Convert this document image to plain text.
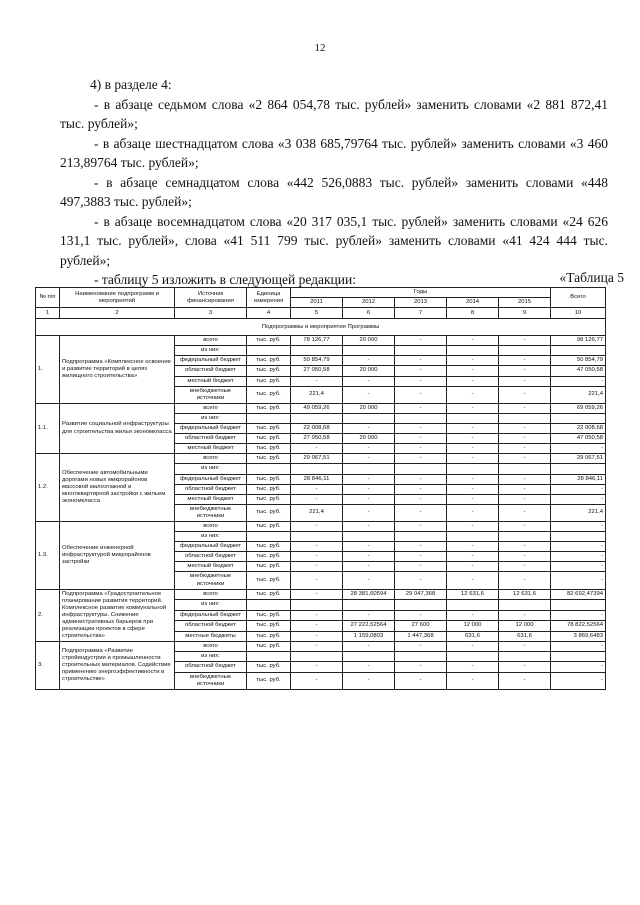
12

4) в разделе 4:

- в абзаце седьмом слова «2 864 054,78 тыс. рублей» заменить словами «2 881 872,41 тыс. рублей»;

- в абзаце шестнадцатом слова «3 038 685,79764 тыс. рублей» заменить словами «3 460 213,89764 тыс. рублей»;

- в абзаце семнадцатом слова «442 526,0883 тыс. рублей» заменить словами «448 497,3883 тыс. рублей»;

- в абзаце восемнадцатом слова «20 317 035,1 тыс. рублей» заменить словами «24 626 131,1 тыс. рублей», слова «41 511 799 тыс. рублей» заменить словами «41 424 444 тыс. рублей»;

- таблицу 5 изложить в следующей редакции:	«Таблица 5
№ п/п	Наименование подпрограмм и мероприятий	Источник финансирования	Единица измерения	Годы					Всего
				2011	2012	2013	2014	2015	
1	2	3	4	5	6	7	8	9	10
Подпрограммы и мероприятия Программы									
1.	Подпрограмма «Комплексное освоение и развитие территорий в целях жилищного строительства»	всего	тыс. руб.	78 126,77	20 000	-	-	-	98 126,77
		из них:							
		федеральный бюджет	тыс. руб.	50 854,79	-	-	-	-	50 854,79
		областной бюджет	тыс. руб.	27 050,58	20 000	-	-	-	47 050,58
		местный бюджет	тыс. руб.	-	-	-	-	-	-
		внебюджетные источники	тыс. руб.	221,4	-	-	-	-	221,4
1.1.	Развитие социальной инфраструктуры для строительства жилья экономкласса	всего	тыс. руб.	49 059,26	20 000	-	-	-	69 059,26
		из них:							
		федеральный бюджет	тыс. руб.	22 008,68	-	-	-	-	22 008,68
		областной бюджет	тыс. руб.	27 050,58	20 000	-	-	-	47 050,58
		местный бюджет	тыс. руб.	-	-	-	-	-	-
1.2.	Обеспечение автомобильными дорогами новых микрорайонов массовой малоэтажной и многоквартирной застройки с жильем экономкласса	всего	тыс. руб.	29 067,51	-	-	-	-	29 067,51
		из них:							
		федеральный бюджет	тыс. руб.	28 846,11	-	-	-	-	28 846,11
		областной бюджет	тыс. руб.	-	-	-	-	-	-
		местный бюджет	тыс. руб.	-	-	-	-	-	-
		внебюджетные источники	тыс. руб.	221,4	-	-	-	-	221,4
1.3.	Обеспечение инженерной инфраструктурой микрорайонов застройки	всего	тыс. руб.	-	-	-	-	-	-
		из них:							
		федеральный бюджет	тыс. руб.	-	-	-	-	-	-
		областной бюджет	тыс. руб.	-	-	-	-	-	-
		местный бюджет	тыс. руб.	-	-	-	-	-	-
		внебюджетные источники	тыс. руб.	-	-	-	-	-	-
2.	Подпрограмма «Градостроительное планирование развития территорий. Комплексное развитие коммунальной инфраструктуры. Снижение административных барьеров при реализации проектов в сфере строительства»	всего	тыс. руб.	-	28 381,60594	29 047,368	12 631,6	12 631,6	82 692,47394
		из них:							
		федеральный бюджет	тыс. руб.	-	-	-	-	-	-
		областной бюджет	тыс. руб.	-	27 222,52564	27 600	12 000	12 000	78 822,52564
		местные бюджеты	тыс. руб.	-	1 159,0803	1 447,368	631,6	631,6	3 869,6483
3.	Подпрограмма «Развитие стройиндустрии и промышленности строительных материалов. Содействие применению энергоэффективности в строительстве»	всего	тыс. руб.	-	-	-	-	-	-
		из них:							
		областной бюджет	тыс. руб.	-	-	-	-	-	-
		внебюджетные источники	тыс. руб.	-	-	-	-	-	-
